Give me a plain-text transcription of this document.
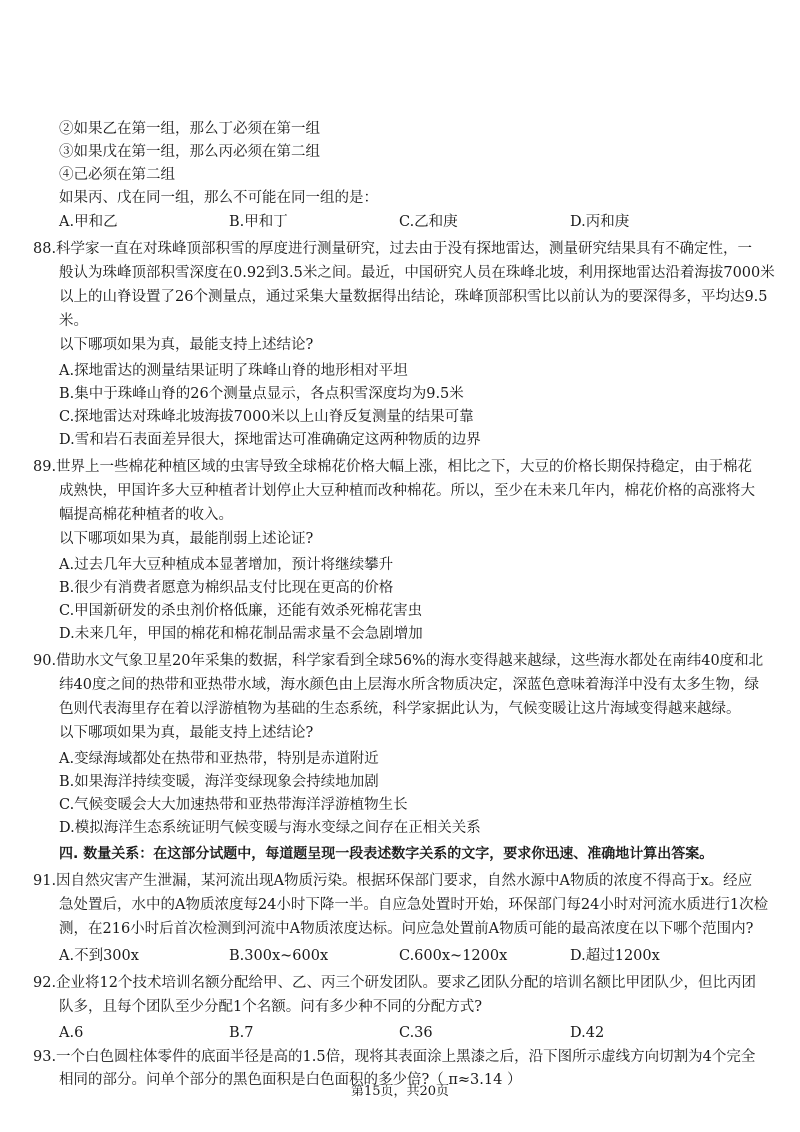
②如果乙在第一组，那么丁必须在第一组
③如果戊在第一组，那么丙必须在第二组
④己必须在第二组
如果丙、戊在同一组，那么不可能在同一组的是：
A.甲和乙	B.甲和丁	C.乙和庚	D.丙和庚
88.科学家一直在对珠峰顶部积雪的厚度进行测量研究，过去由于没有探地雷达，测量研究结果具有不确定性，一
般认为珠峰顶部积雪深度在0.92到3.5米之间。最近，中国研究人员在珠峰北坡，利用探地雷达沿着海拔7000米
以上的山脊设置了26个测量点，通过采集大量数据得出结论，珠峰顶部积雪比以前认为的要深得多，平均达9.5
米。
以下哪项如果为真，最能支持上述结论?
A.探地雷达的测量结果证明了珠峰山脊的地形相对平坦
B.集中于珠峰山脊的26个测量点显示，各点积雪深度均为9.5米
C.探地雷达对珠峰北坡海拔7000米以上山脊反复测量的结果可靠
D.雪和岩石表面差异很大，探地雷达可准确确定这两种物质的边界
89.世界上一些棉花种植区域的虫害导致全球棉花价格大幅上涨，相比之下，大豆的价格长期保持稳定，由于棉花
成熟快，甲国许多大豆种植者计划停止大豆种植而改种棉花。所以，至少在未来几年内，棉花价格的高涨将大
幅提高棉花种植者的收入。
以下哪项如果为真，最能削弱上述论证?
A.过去几年大豆种植成本显著增加，预计将继续攀升
B.很少有消费者愿意为棉织品支付比现在更高的价格
C.甲国新研发的杀虫剂价格低廉，还能有效杀死棉花害虫
D.未来几年，甲国的棉花和棉花制品需求量不会急剧增加
90.借助水文气象卫星20年采集的数据，科学家看到全球56%的海水变得越来越绿，这些海水都处在南纬40度和北
纬40度之间的热带和亚热带水域，海水颜色由上层海水所含物质决定，深蓝色意味着海洋中没有太多生物，绿
色则代表海里存在着以浮游植物为基础的生态系统，科学家据此认为，气候变暖让这片海域变得越来越绿。
以下哪项如果为真，最能支持上述结论?
A.变绿海域都处在热带和亚热带，特别是赤道附近
B.如果海洋持续变暖，海洋变绿现象会持续地加剧
C.气候变暖会大大加速热带和亚热带海洋浮游植物生长
D.模拟海洋生态系统证明气候变暖与海水变绿之间存在正相关关系
四. 数量关系：在这部分试题中，每道题呈现一段表述数字关系的文字，要求你迅速、准确地计算出答案。
91.因自然灾害产生泄漏，某河流出现A物质污染。根据环保部门要求，自然水源中A物质的浓度不得高于x。经应
急处置后，水中的A物质浓度每24小时下降一半。自应急处置时开始，环保部门每24小时对河流水质进行1次检
测，在216小时后首次检测到河流中A物质浓度达标。问应急处置前A物质可能的最高浓度在以下哪个范围内?
A.不到300x	B.300x~600x	C.600x~1200x	D.超过1200x
92.企业将12个技术培训名额分配给甲、乙、丙三个研发团队。要求乙团队分配的培训名额比甲团队少，但比丙团
队多，且每个团队至少分配1个名额。问有多少种不同的分配方式?
A.6	B.7	C.36	D.42
93.一个白色圆柱体零件的底面半径是高的1.5倍，现将其表面涂上黑漆之后，沿下图所示虚线方向切割为4个完全
相同的部分。问单个部分的黑色面积是白色面积的多少倍?（ π≈3.14 ）
第15页，共20页
